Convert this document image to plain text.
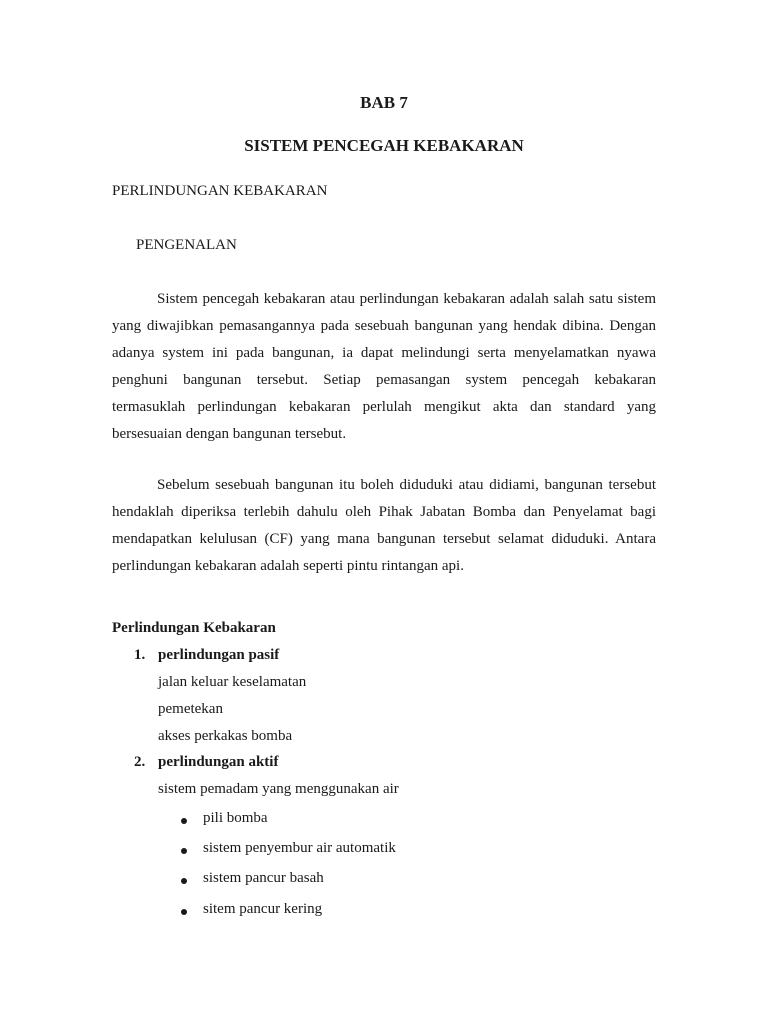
BAB 7
SISTEM PENCEGAH KEBAKARAN
PERLINDUNGAN KEBAKARAN
PENGENALAN
Sistem pencegah kebakaran atau perlindungan kebakaran adalah salah satu sistem
yang diwajibkan pemasangannya pada sesebuah bangunan yang hendak dibina. Dengan
adanya system ini pada bangunan, ia dapat melindungi serta menyelamatkan nyawa
penghuni bangunan tersebut. Setiap pemasangan system pencegah kebakaran
termasuklah perlindungan kebakaran perlulah mengikut akta dan standard yang
bersesuaian dengan bangunan tersebut.
Sebelum sesebuah bangunan itu boleh diduduki atau didiami, bangunan tersebut
hendaklah diperiksa terlebih dahulu oleh Pihak Jabatan Bomba dan Penyelamat bagi
mendapatkan kelulusan (CF) yang mana bangunan tersebut selamat diduduki. Antara
perlindungan kebakaran adalah seperti pintu rintangan api.
Perlindungan Kebakaran
1. perlindungan pasif
jalan keluar keselamatan
pemetekan
akses perkakas bomba
2. perlindungan aktif
sistem pemadam yang menggunakan air
pili bomba
sistem penyembur air automatik
sistem pancur basah
sitem pancur kering
